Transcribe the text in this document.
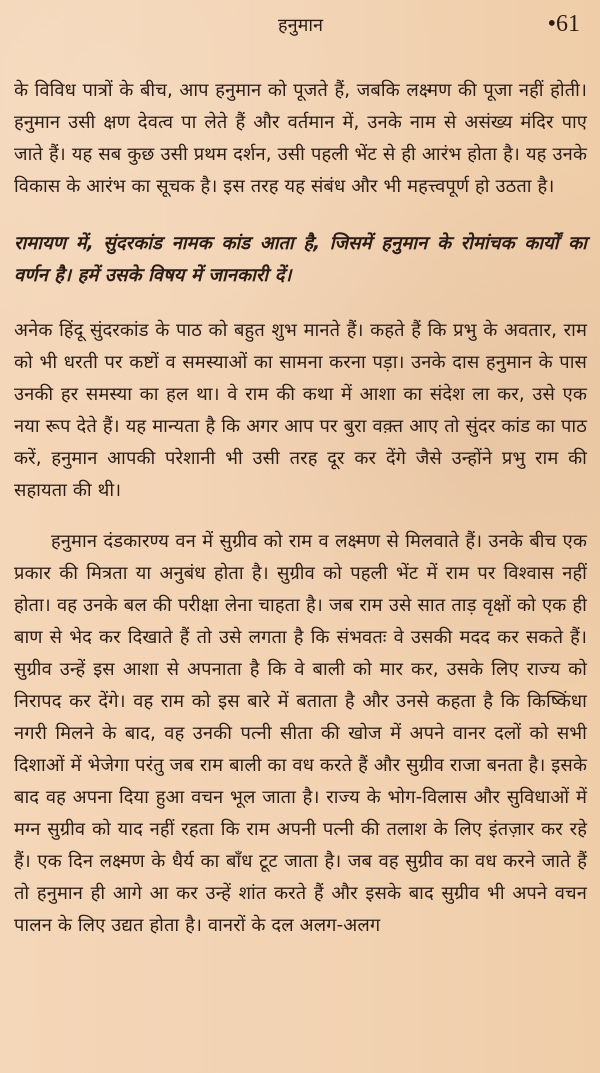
हनुमान	•61

के विविध पात्रों के बीच, आप हनुमान को पूजते हैं, जबकि लक्ष्मण की पूजा नहीं होती। हनुमान उसी क्षण देवत्व पा लेते हैं और वर्तमान में, उनके नाम से असंख्य मंदिर पाए जाते हैं। यह सब कुछ उसी प्रथम दर्शन, उसी पहली भेंट से ही आरंभ होता है। यह उनके विकास के आरंभ का सूचक है। इस तरह यह संबंध और भी महत्त्वपूर्ण हो उठता है।

रामायण में, सुंदरकांड नामक कांड आता है, जिसमें हनुमान के रोमांचक कार्यों का वर्णन है। हमें उसके विषय में जानकारी दें।

अनेक हिंदू सुंदरकांड के पाठ को बहुत शुभ मानते हैं। कहते हैं कि प्रभु के अवतार, राम को भी धरती पर कष्टों व समस्याओं का सामना करना पड़ा। उनके दास हनुमान के पास उनकी हर समस्या का हल था। वे राम की कथा में आशा का संदेश ला कर, उसे एक नया रूप देते हैं। यह मान्यता है कि अगर आप पर बुरा वक़्त आए तो सुंदर कांड का पाठ करें, हनुमान आपकी परेशानी भी उसी तरह दूर कर देंगे जैसे उन्होंने प्रभु राम की सहायता की थी।

हनुमान दंडकारण्य वन में सुग्रीव को राम व लक्ष्मण से मिलवाते हैं। उनके बीच एक प्रकार की मित्रता या अनुबंध होता है। सुग्रीव को पहली भेंट में राम पर विश्वास नहीं होता। वह उनके बल की परीक्षा लेना चाहता है। जब राम उसे सात ताड़ वृक्षों को एक ही बाण से भेद कर दिखाते हैं तो उसे लगता है कि संभवतः वे उसकी मदद कर सकते हैं। सुग्रीव उन्हें इस आशा से अपनाता है कि वे बाली को मार कर, उसके लिए राज्य को निरापद कर देंगे। वह राम को इस बारे में बताता है और उनसे कहता है कि किष्किंधा नगरी मिलने के बाद, वह उनकी पत्नी सीता की खोज में अपने वानर दलों को सभी दिशाओं में भेजेगा परंतु जब राम बाली का वध करते हैं और सुग्रीव राजा बनता है। इसके बाद वह अपना दिया हुआ वचन भूल जाता है। राज्य के भोग-विलास और सुविधाओं में मग्न सुग्रीव को याद नहीं रहता कि राम अपनी पत्नी की तलाश के लिए इंतज़ार कर रहे हैं। एक दिन लक्ष्मण के धैर्य का बाँध टूट जाता है। जब वह सुग्रीव का वध करने जाते हैं तो हनुमान ही आगे आ कर उन्हें शांत करते हैं और इसके बाद सुग्रीव भी अपने वचन पालन के लिए उद्यत होता है। वानरों के दल अलग-अलग
